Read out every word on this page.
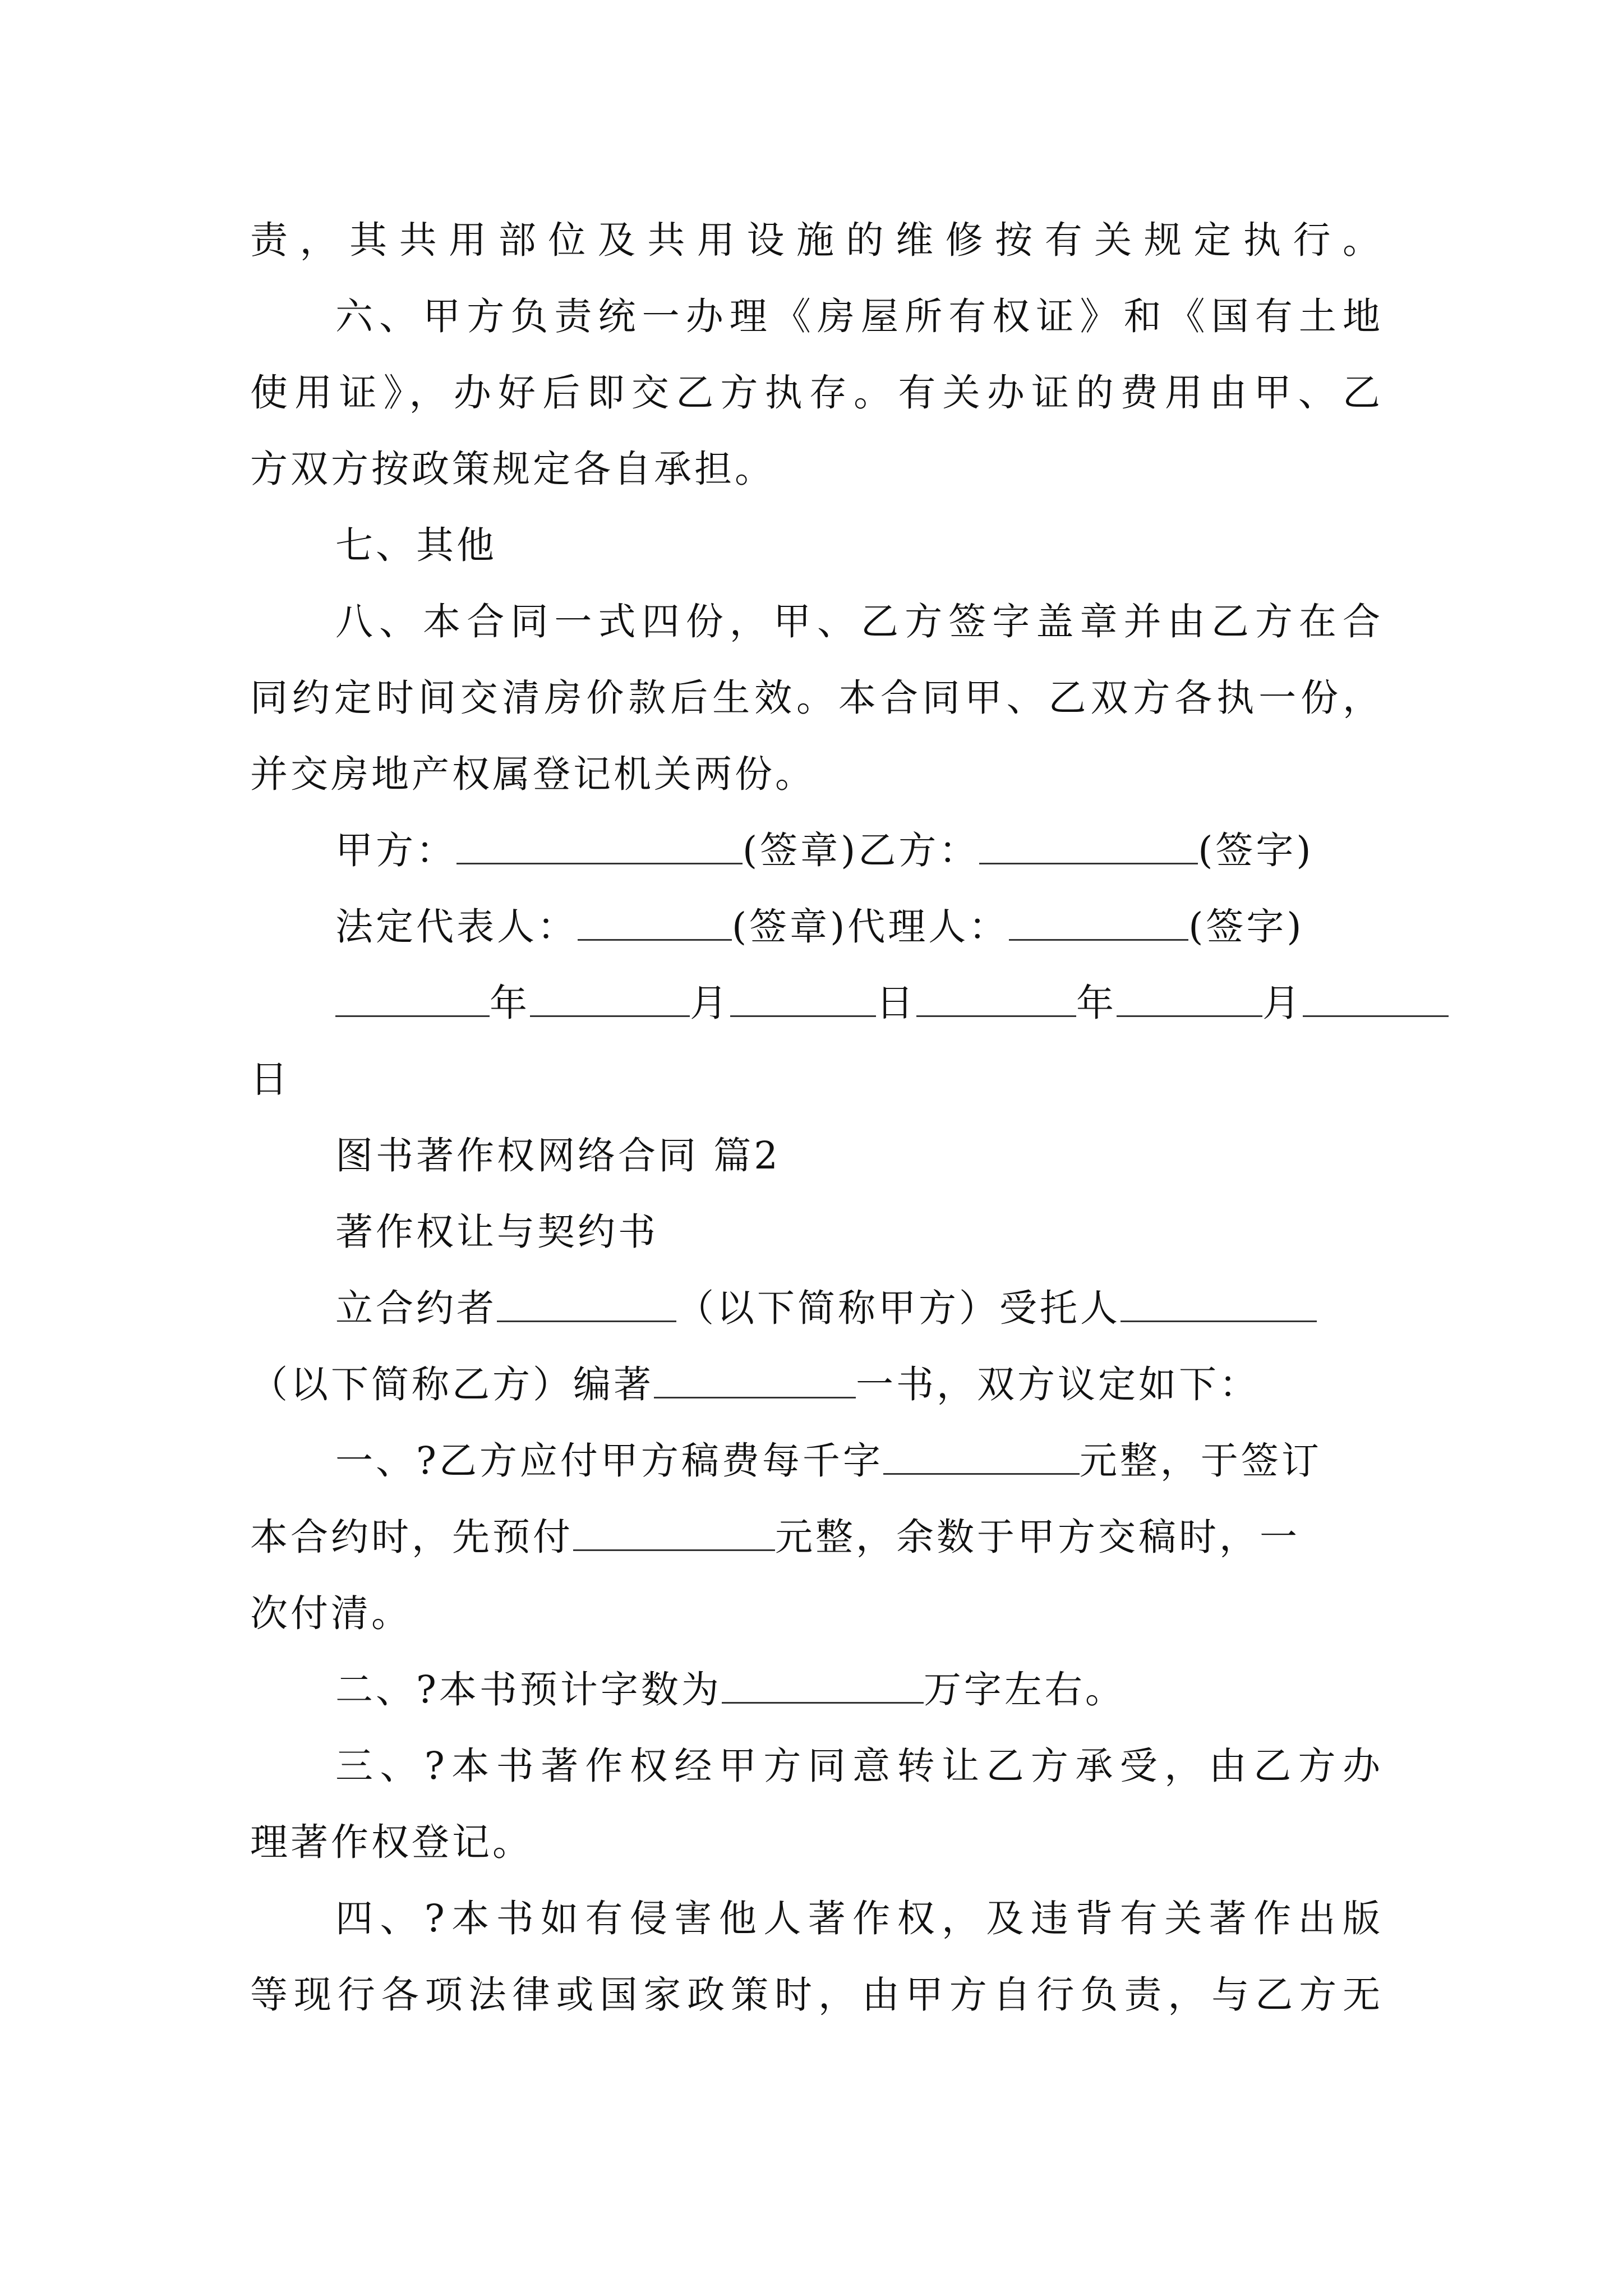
责，其共用部位及共用设施的维修按有关规定执行。
六、甲方负责统一办理《房屋所有权证》和《国有土地
使用证》，办好后即交乙方执存。有关办证的费用由甲、乙
方双方按政策规定各自承担。
七、其他
八、本合同一式四份，甲、乙方签字盖章并由乙方在合
同约定时间交清房价款后生效。本合同甲、乙双方各执一份，
并交房地产权属登记机关两份。
甲方：	(签章)乙方：	(签字)
法定代表人：	(签章)代理人：	(签字)
年	月	日	年	月
日
图书著作权网络合同 篇2
著作权让与契约书
立合约者	（以下简称甲方）受托人
（以下简称乙方）编著	一书，双方议定如下：
一、?乙方应付甲方稿费每千字	元整，于签订
本合约时，先预付	元整，余数于甲方交稿时，一
次付清。
二、?本书预计字数为	万字左右。
三、?本书著作权经甲方同意转让乙方承受，由乙方办
理著作权登记。
四、?本书如有侵害他人著作权，及违背有关著作出版
等现行各项法律或国家政策时，由甲方自行负责，与乙方无
